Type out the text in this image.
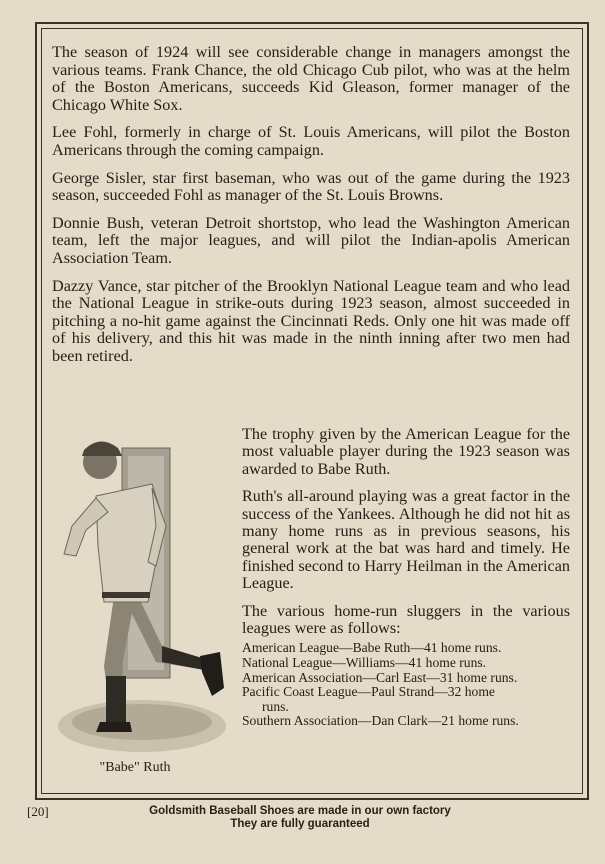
The season of 1924 will see considerable change in managers amongst the various teams. Frank Chance, the old Chicago Cub pilot, who was at the helm of the Boston Americans, succeeds Kid Gleason, former manager of the Chicago White Sox.

Lee Fohl, formerly in charge of St. Louis Americans, will pilot the Boston Americans through the coming campaign.

George Sisler, star first baseman, who was out of the game during the 1923 season, succeeded Fohl as manager of the St. Louis Browns.

Donnie Bush, veteran Detroit shortstop, who lead the Washington American team, left the major leagues, and will pilot the Indian-apolis American Association Team.

Dazzy Vance, star pitcher of the Brooklyn National League team and who lead the National League in strike-outs during 1923 season, almost succeeded in pitching a no-hit game against the Cincinnati Reds. Only one hit was made off of his delivery, and this hit was made in the ninth inning after two men had been retired.

"Babe" Ruth

The trophy given by the American League for the most valuable player during the 1923 season was awarded to Babe Ruth.

Ruth's all-around playing was a great factor in the success of the Yankees. Although he did not hit as many home runs as in previous seasons, his general work at the bat was hard and timely. He finished second to Harry Heilman in the American League.

The various home-run sluggers in the various leagues were as follows:

American League—Babe Ruth—41 home runs.
National League—Williams—41 home runs.
American Association—Carl East—31 home runs.
Pacific Coast League—Paul Strand—32 home
runs.
Southern Association—Dan Clark—21 home runs.
[20]	Goldsmith Baseball Shoes are made in our own factory
They are fully guaranteed
